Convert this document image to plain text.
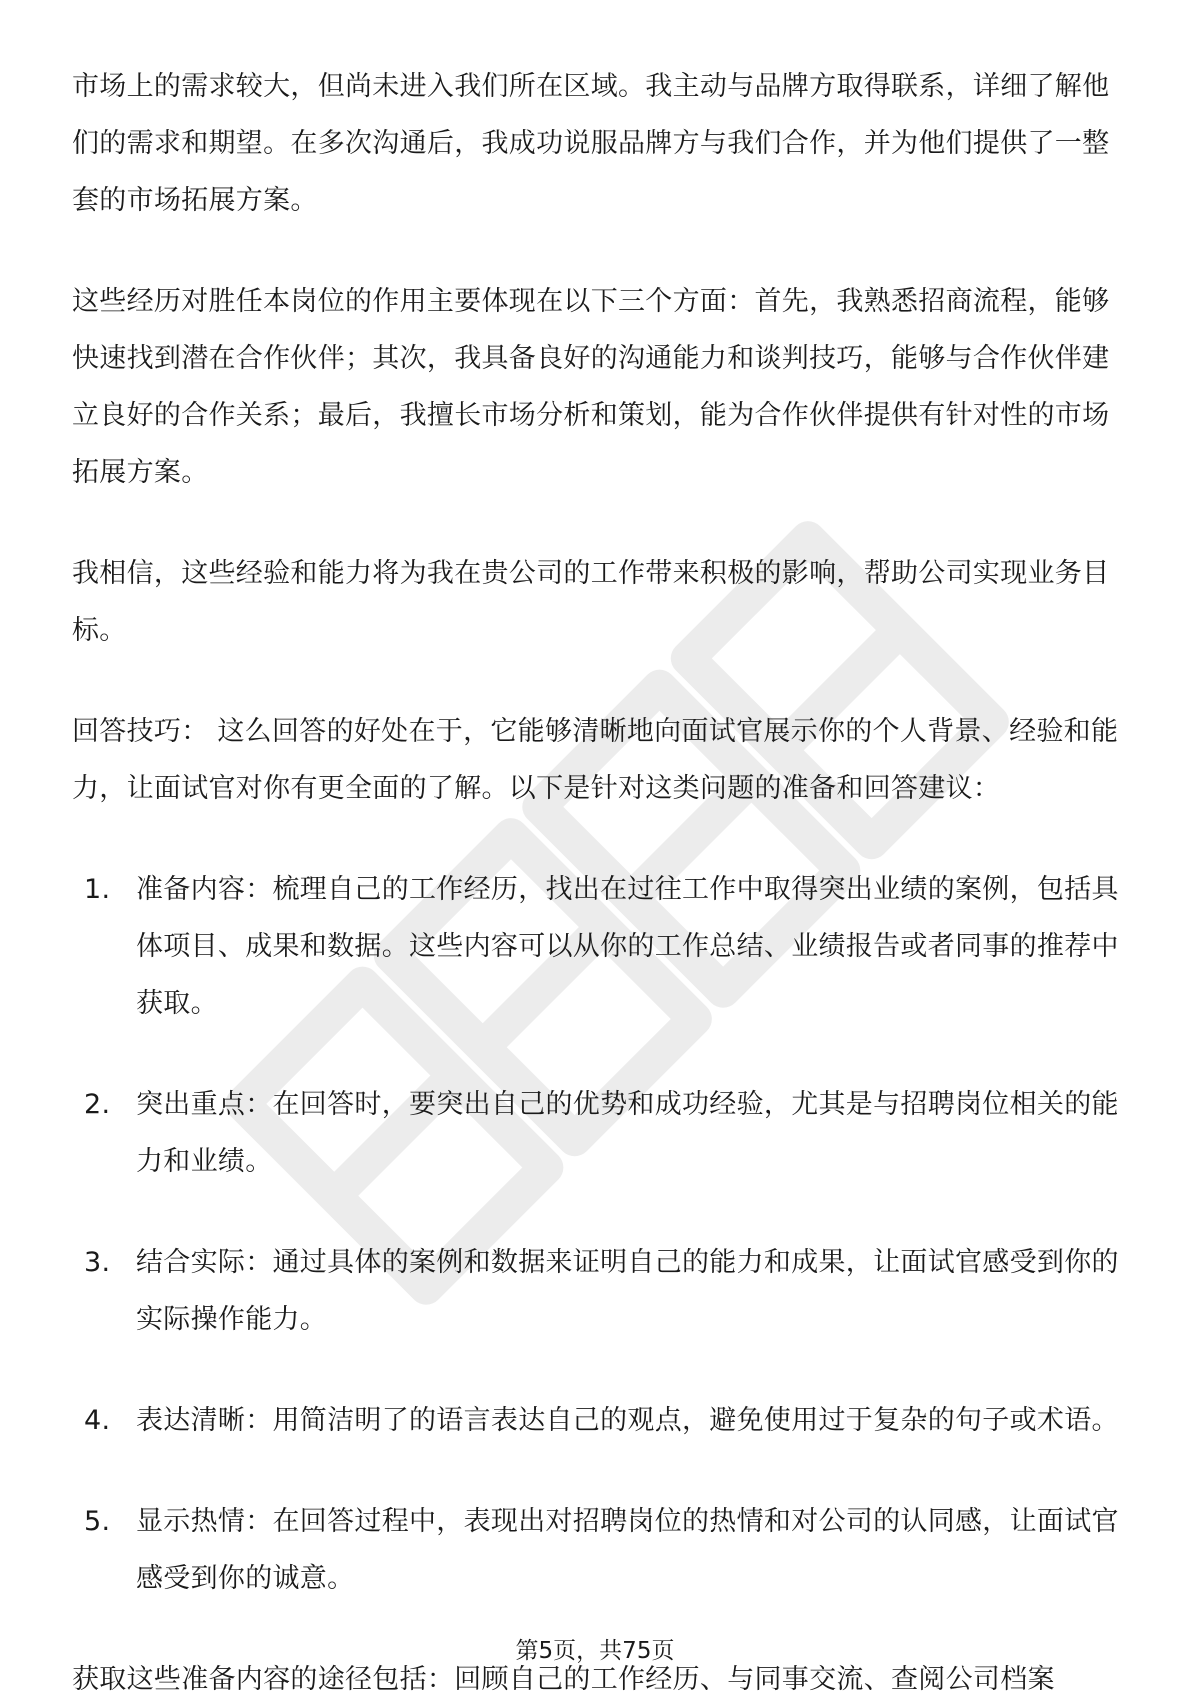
市场上的需求较大，但尚未进入我们所在区域。我主动与品牌方取得联系，详细了解他们的需求和期望。在多次沟通后，我成功说服品牌方与我们合作，并为他们提供了一整套的市场拓展方案。

这些经历对胜任本岗位的作用主要体现在以下三个方面：首先，我熟悉招商流程，能够快速找到潜在合作伙伴；其次，我具备良好的沟通能力和谈判技巧，能够与合作伙伴建立良好的合作关系；最后，我擅长市场分析和策划，能为合作伙伴提供有针对性的市场拓展方案。

我相信，这些经验和能力将为我在贵公司的工作带来积极的影响，帮助公司实现业务目标。

回答技巧： 这么回答的好处在于，它能够清晰地向面试官展示你的个人背景、经验和能力，让面试官对你有更全面的了解。以下是针对这类问题的准备和回答建议：

1. 准备内容：梳理自己的工作经历，找出在过往工作中取得突出业绩的案例，包括具体项目、成果和数据。这些内容可以从你的工作总结、业绩报告或者同事的推荐中获取。
2. 突出重点：在回答时，要突出自己的优势和成功经验，尤其是与招聘岗位相关的能力和业绩。
3. 结合实际：通过具体的案例和数据来证明自己的能力和成果，让面试官感受到你的实际操作能力。
4. 表达清晰：用简洁明了的语言表达自己的观点，避免使用过于复杂的句子或术语。
5. 显示热情：在回答过程中，表现出对招聘岗位的热情和对公司的认同感，让面试官感受到你的诚意。

获取这些准备内容的途径包括：回顾自己的工作经历、与同事交流、查阅公司档案

第5页，共75页
